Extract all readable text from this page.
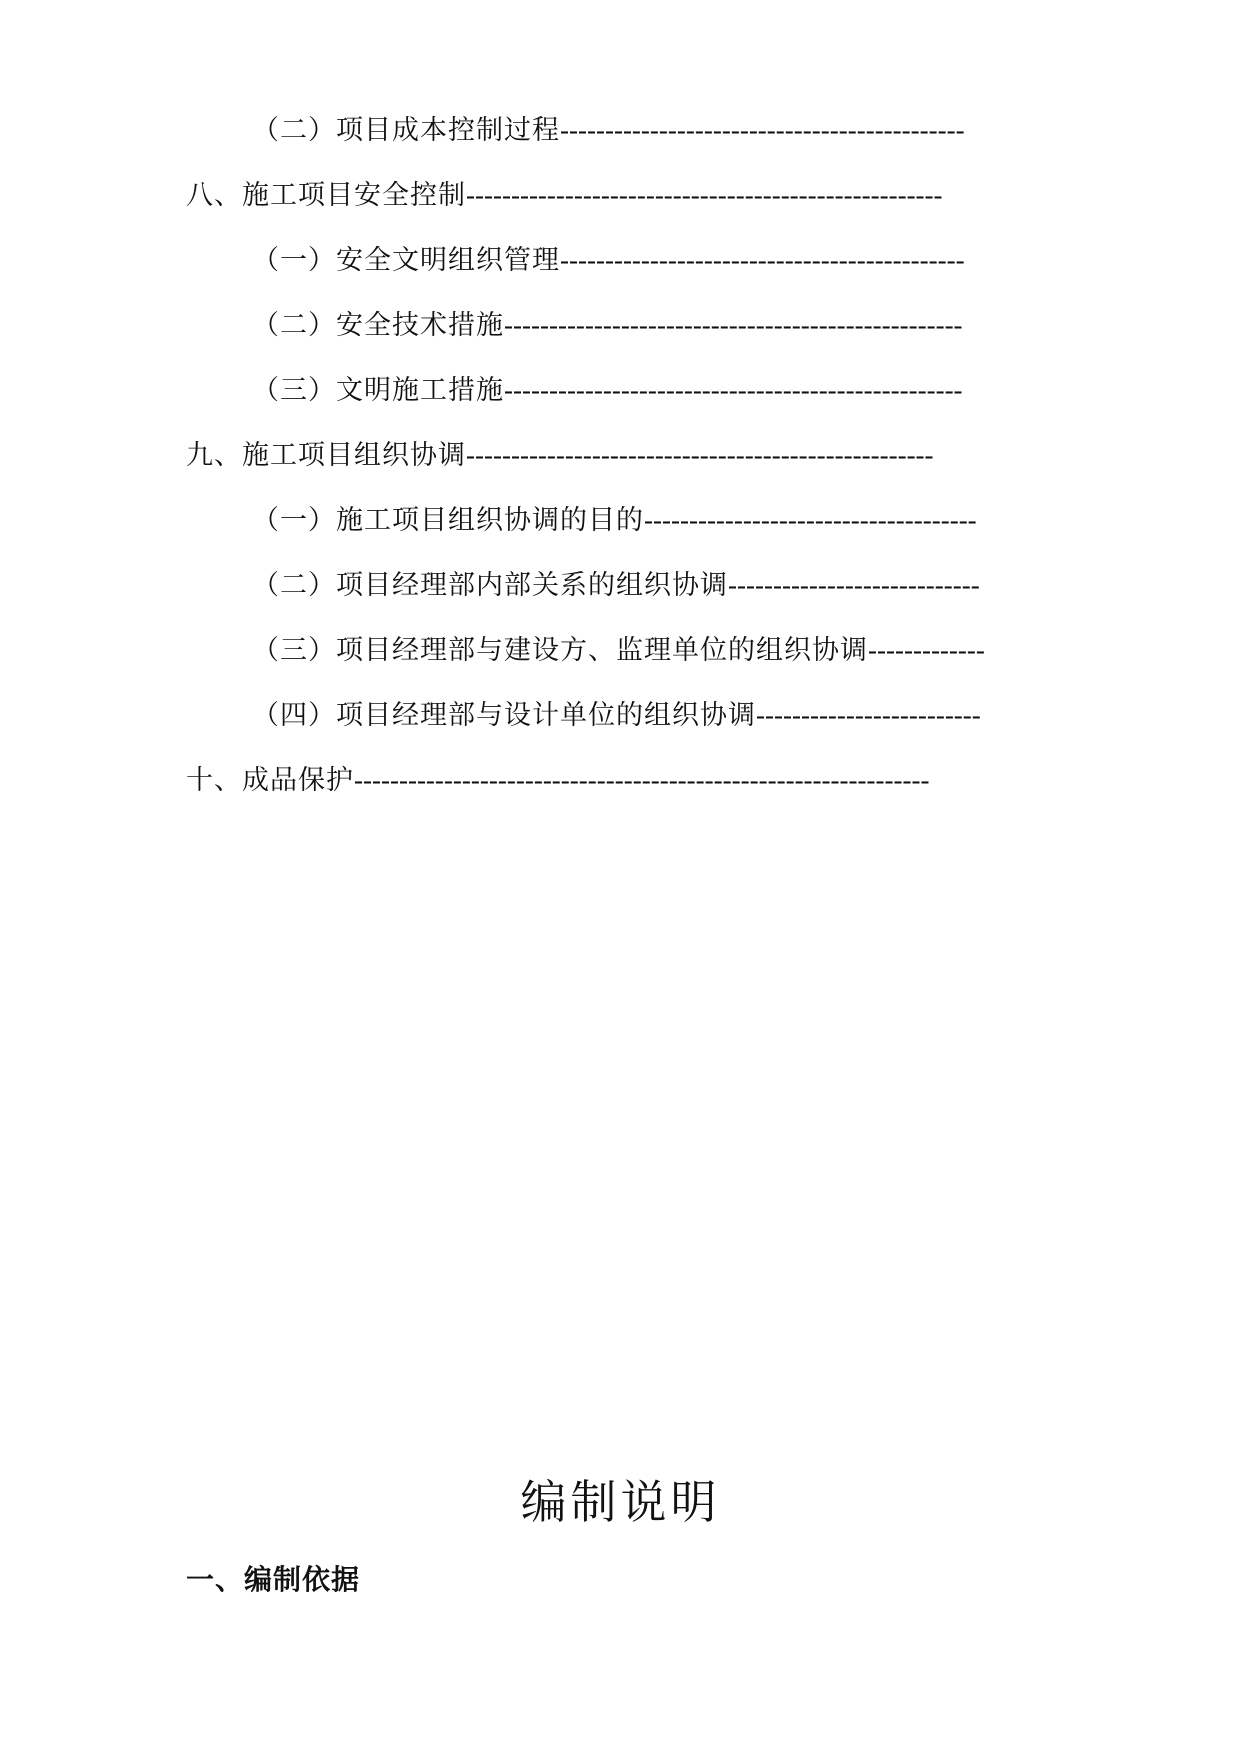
（二）项目成本控制过程---------------------------------------------
八、施工项目安全控制-----------------------------------------------------
（一）安全文明组织管理---------------------------------------------
（二）安全技术措施---------------------------------------------------
（三）文明施工措施---------------------------------------------------
九、施工项目组织协调----------------------------------------------------
（一）施工项目组织协调的目的-------------------------------------
（二）项目经理部内部关系的组织协调----------------------------
（三）项目经理部与建设方、监理单位的组织协调-------------
（四）项目经理部与设计单位的组织协调-------------------------
十、成品保护----------------------------------------------------------------
编制说明
一、编制依据
